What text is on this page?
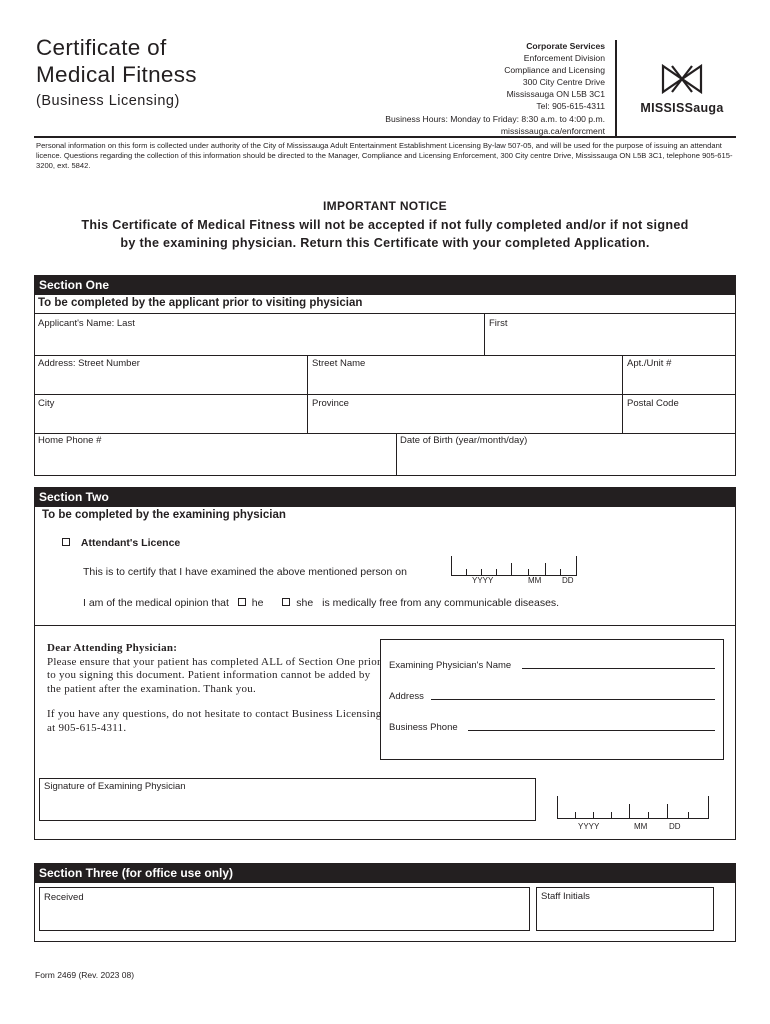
Certificate of
Medical Fitness
(Business Licensing)
Corporate Services
Enforcement Division
Compliance and Licensing
300 City Centre Drive
Mississauga ON L5B 3C1
Tel: 905-615-4311
Business Hours: Monday to Friday: 8:30 a.m. to 4:00 p.m.
mississauga.ca/enforcment
MISSISSauga
Personal information on this form is collected under authority of the City of Mississauga Adult Entertainment Establishment Licensing By-law 507-05, and will be used for the purpose of issuing an attendant licence. Questions regarding the collection of this information should be directed to the Manager, Compliance and Licensing Enforcement, 300 City centre Drive, Mississauga ON L5B 3C1, telephone 905-615-3200, ext. 5842.
IMPORTANT NOTICE
This Certificate of Medical Fitness will not be accepted if not fully completed and/or if not signed
by the examining physician. Return this Certificate with your completed Application.
Section One
To be completed by the applicant prior to visiting physician
Applicant's Name: Last	First
Address: Street Number	Street Name	Apt./Unit #
City	Province	Postal Code
Home Phone #	Date of Birth (year/month/day)
Section Two
To be completed by the examining physician
Attendant's Licence
This is to certify that I have examined the above mentioned person on
YYYY	MM	DD
I am of the medical opinion that he	she is medically free from any communicable diseases.
Dear Attending Physician:
Please ensure that your patient has completed ALL of Section One prior to you signing this document. Patient information cannot be added by the patient after the examination. Thank you.
If you have any questions, do not hesitate to contact Business Licensing at 905-615-4311.
Examining Physician's Name
Address
Business Phone
Signature of Examining Physician
YYYY	MM	DD
Section Three (for office use only)
Received	Staff Initials
Form 2469 (Rev. 2023 08)
